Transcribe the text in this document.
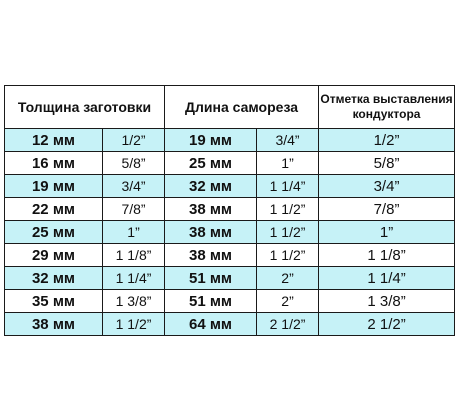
Толщина заготовки		Длина самореза		Отметка выставления кондуктора
12 мм	1/2”	19 мм	3/4”	1/2”
16 мм	5/8”	25 мм	1”	5/8”
19 мм	3/4”	32 мм	1 1/4”	3/4”
22 мм	7/8”	38 мм	1 1/2”	7/8”
25 мм	1”	38 мм	1 1/2”	1”
29 мм	1 1/8”	38 мм	1 1/2”	1 1/8”
32 мм	1 1/4”	51 мм	2”	1 1/4”
35 мм	1 3/8”	51 мм	2”	1 3/8”
38 мм	1 1/2”	64 мм	2 1/2”	2 1/2”
